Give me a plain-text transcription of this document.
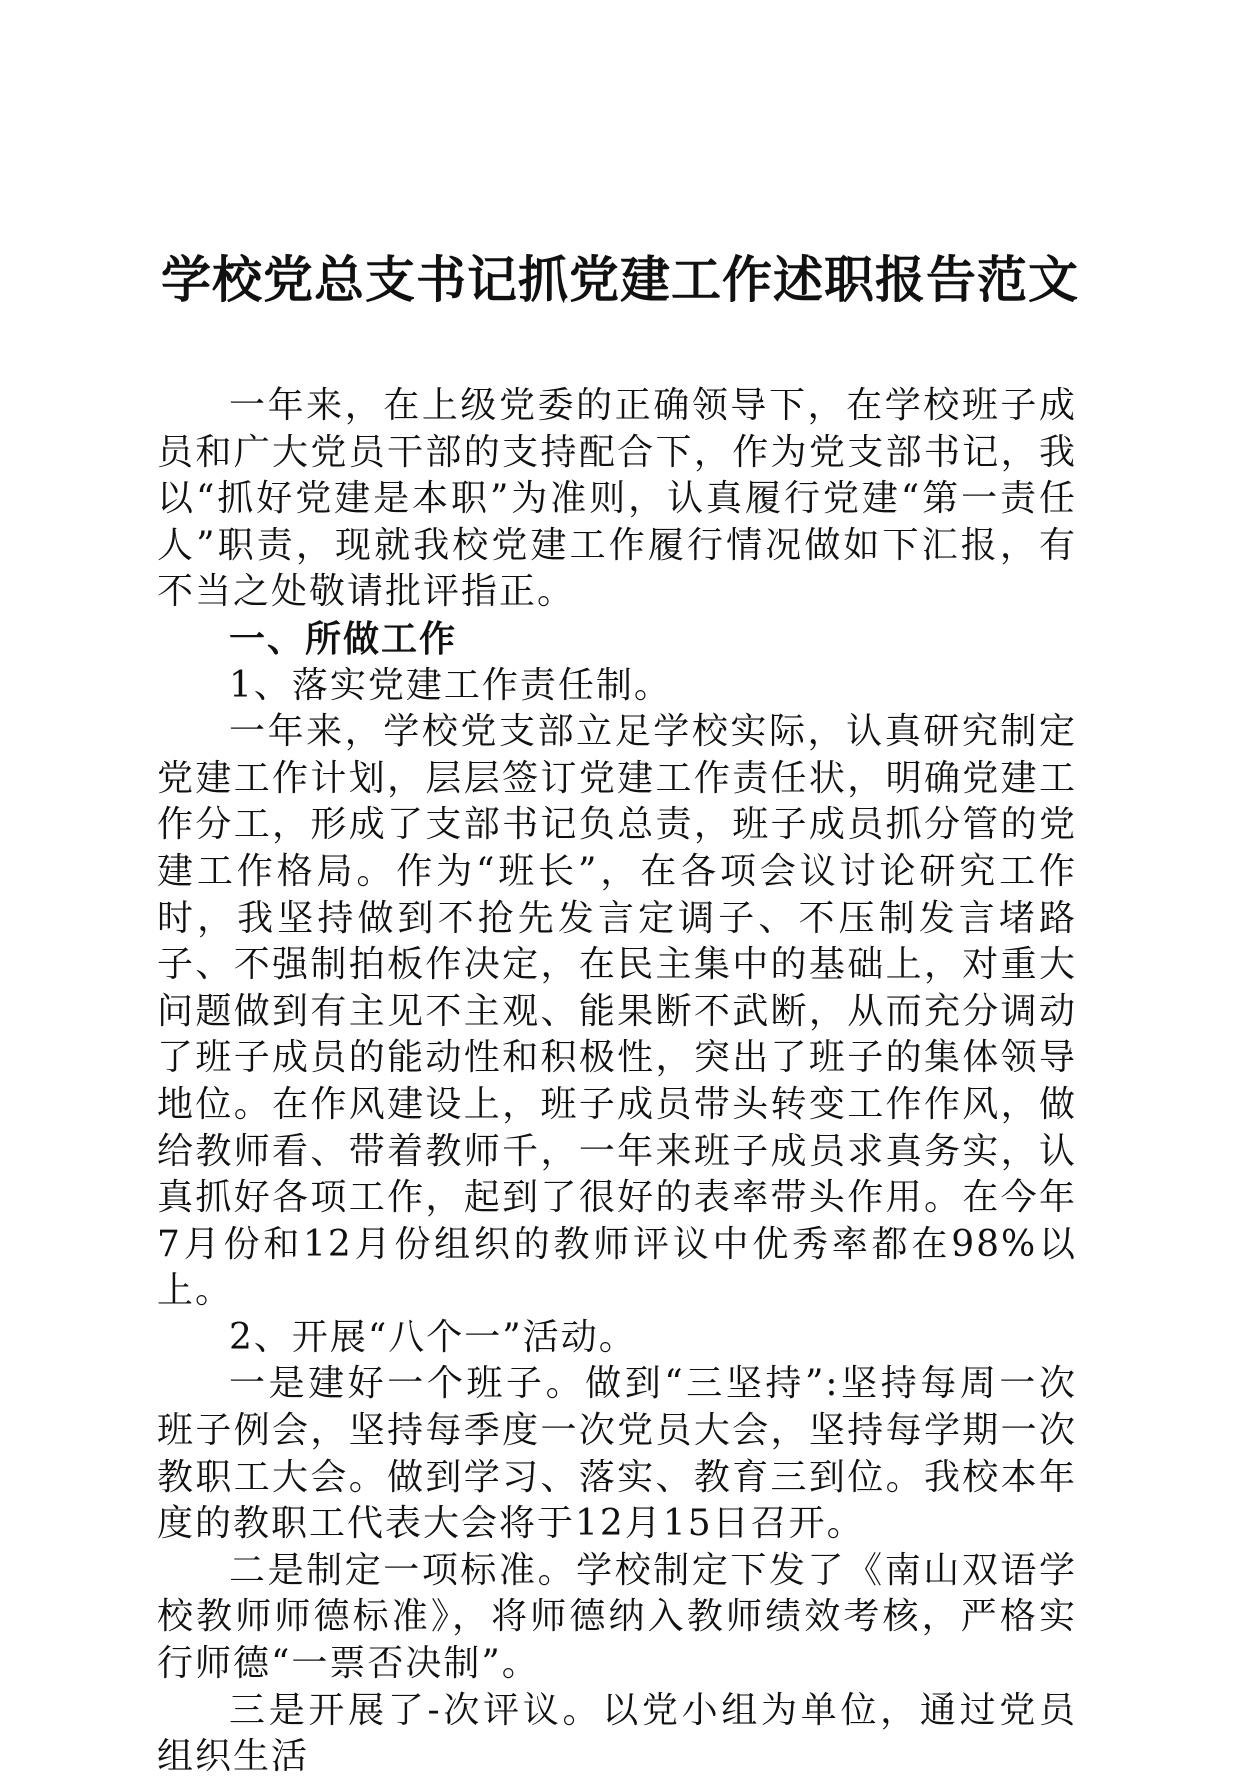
学校党总支书记抓党建工作述职报告范文

一年来，在上级党委的正确领导下，在学校班子成员和广大党员干部的支持配合下，作为党支部书记，我以“抓好党建是本职”为准则，认真履行党建“第一责任人”职责，现就我校党建工作履行情况做如下汇报，有不当之处敬请批评指正。

一、所做工作

1、落实党建工作责任制。

一年来，学校党支部立足学校实际，认真研究制定党建工作计划，层层签订党建工作责任状，明确党建工作分工，形成了支部书记负总责，班子成员抓分管的党建工作格局。作为“班长”，在各项会议讨论研究工作时，我坚持做到不抢先发言定调子、不压制发言堵路子、不强制拍板作决定，在民主集中的基础上，对重大问题做到有主见不主观、能果断不武断，从而充分调动了班子成员的能动性和积极性，突出了班子的集体领导地位。在作风建设上，班子成员带头转变工作作风，做给教师看、带着教师千，一年来班子成员求真务实，认真抓好各项工作，起到了很好的表率带头作用。在今年7月份和12月份组织的教师评议中优秀率都在98%以上。

2、开展“八个一”活动。

一是建好一个班子。做到“三坚持”:坚持每周一次班子例会，坚持每季度一次党员大会，坚持每学期一次教职工大会。做到学习、落实、教育三到位。我校本年度的教职工代表大会将于12月15日召开。

二是制定一项标准。学校制定下发了《南山双语学校教师师德标准》，将师德纳入教师绩效考核，严格实行师德“一票否决制”。

三是开展了-次评议。以党小组为单位，通过党员组织生活
